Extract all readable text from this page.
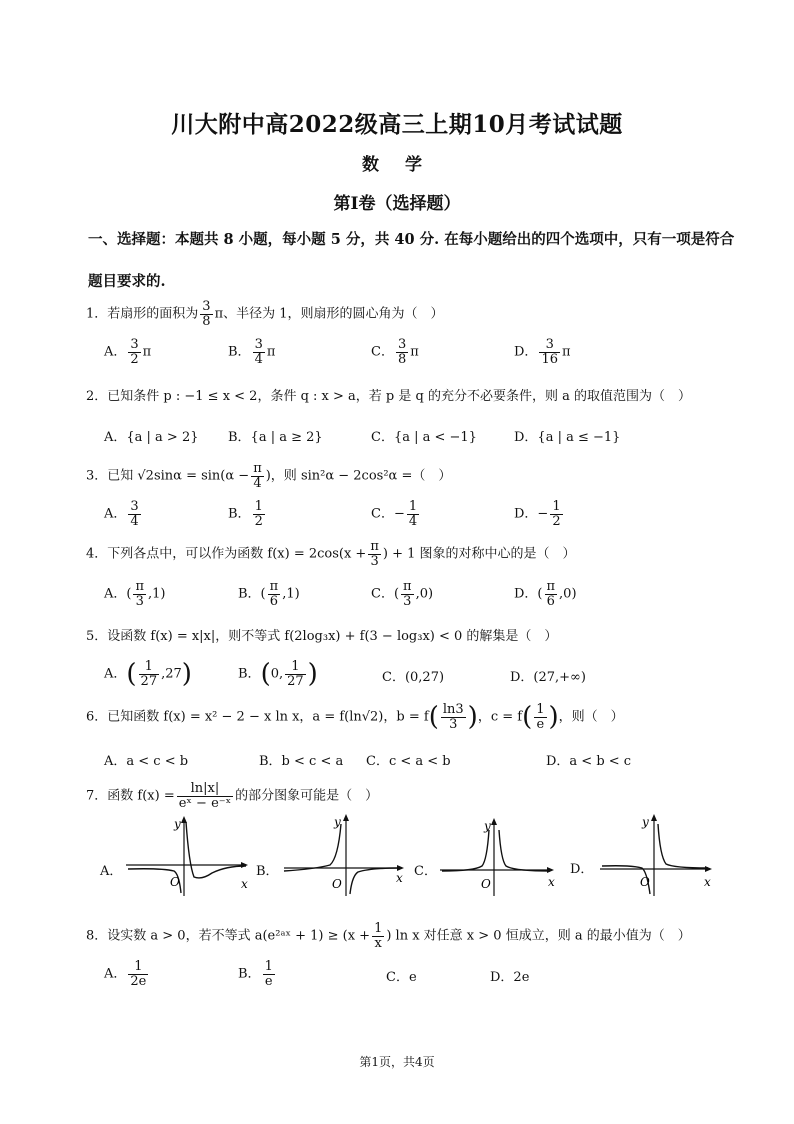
川大附中高2022级高三上期10月考试试题
数 学
第Ⅰ卷（选择题）
一、选择题：本题共 8 小题，每小题 5 分，共 40 分. 在每小题给出的四个选项中，只有一项是符合题目要求的.
1．若扇形的面积为 $\frac{3}{8}$ π、半径为 1，则扇形的圆心角为（　）
A． $\frac{3}{2}$ π	B． $\frac{3}{4}$ π	C． $\frac{3}{8}$ π	D． $\frac{3}{16}$ π
2．已知条件 p : −1 ≤ x < 2，条件 q : x > a，若 p 是 q 的充分不必要条件，则 a 的取值范围为（　）
A．{a | a > 2} B．{a | a ≥ 2}	C．{a | a < −1}	D．{a | a ≤ −1}
3．已知 $√2\sin\alpha = \sin(\alpha - \frac{\pi}{4}$ )，则 sin²α − 2cos²α =（　）
A． $\frac{3}{4}$	B． $\frac{1}{2}$	C．− $\frac{1}{4}$	D．− $\frac{1}{2}$
4．下列各点中，可以作为函数 $f(x) = 2\cos(x + \frac{\pi}{3}$ ) + 1 图象的对称中心的是（　）
A．( $\frac{\pi}{3} ,1$)	B．( $\frac{\pi}{6} ,1$)	C．( $\frac{\pi}{3} ,0$)	D．( $\frac{\pi}{6} ,0$)
5．设函数 f(x) = x|x|，则不等式 f(2log₃x) + f(3 − log₃x) < 0 的解集是（　）
A．( $\frac{1}{27} ,27$)	B．(0, $\frac{1}{27}$ )	C．(0,27)	D．(27,+∞)
6．已知函数 f(x) = x² − 2 − x ln x，a = f(ln√2)，$b = f( \frac{\ln 3}{3}$ )，$c = f( \frac{1}{e}$ )，则（　）
A．a < c < b	B．b < c < a C．c < a < b	D．a < b < c
7．函数 $f(x) = \frac{\ln|x|}{\text{eˣ − e⁻ˣ}}$ 的部分图象可能是（　）
A．
y
x
O
B．
y
x
O
C．
y
x
O
D．
y
x
O
8．设实数 a > 0，若不等式 a(e²ᵃˣ + $1) \ge (x + \frac{1}{x}$ ) ln x 对任意 x > 0 恒成立，则 a 的最小值为（　）
A． $\frac{1}{2e}$	B． $\frac{1}{e}$	C．e	D．2e
第1页，共4页
